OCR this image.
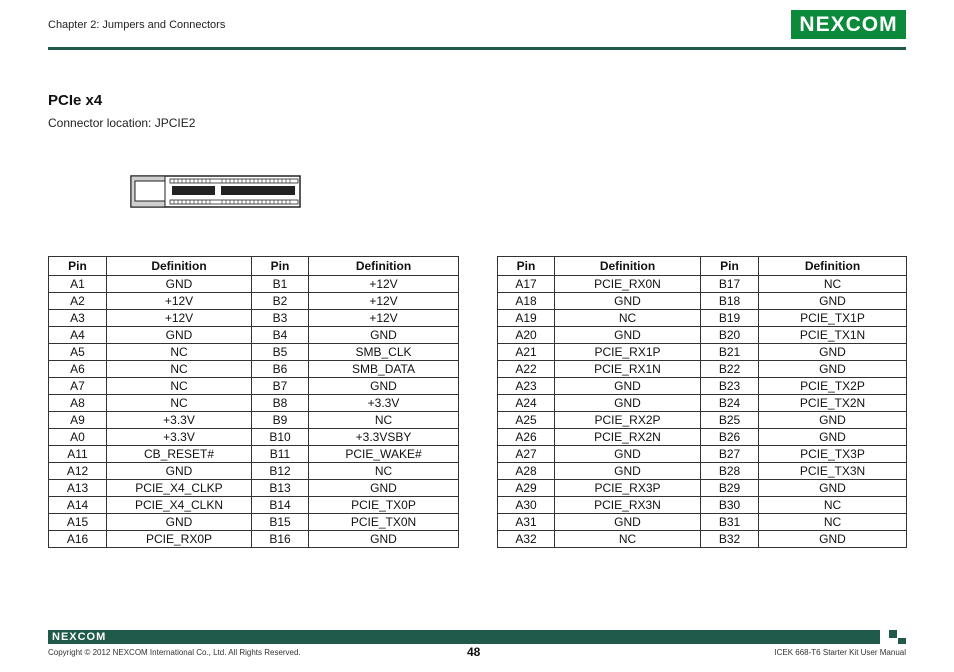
Chapter 2: Jumpers and Connectors	NEXCOM
PCIe x4
Connector location: JPCIE2
Pin	Definition	Pin	Definition
A1	GND	B1	+12V
A2	+12V	B2	+12V
A3	+12V	B3	+12V
A4	GND	B4	GND
A5	NC	B5	SMB_CLK
A6	NC	B6	SMB_DATA
A7	NC	B7	GND
A8	NC	B8	+3.3V
A9	+3.3V	B9	NC
A0	+3.3V	B10	+3.3VSBY
A11	CB_RESET#	B11	PCIE_WAKE#
A12	GND	B12	NC
A13	PCIE_X4_CLKP	B13	GND
A14	PCIE_X4_CLKN	B14	PCIE_TX0P
A15	GND	B15	PCIE_TX0N
A16	PCIE_RX0P	B16	GND
Pin	Definition	Pin	Definition
A17	PCIE_RX0N	B17	NC
A18	GND	B18	GND
A19	NC	B19	PCIE_TX1P
A20	GND	B20	PCIE_TX1N
A21	PCIE_RX1P	B21	GND
A22	PCIE_RX1N	B22	GND
A23	GND	B23	PCIE_TX2P
A24	GND	B24	PCIE_TX2N
A25	PCIE_RX2P	B25	GND
A26	PCIE_RX2N	B26	GND
A27	GND	B27	PCIE_TX3P
A28	GND	B28	PCIE_TX3N
A29	PCIE_RX3P	B29	GND
A30	PCIE_RX3N	B30	NC
A31	GND	B31	NC
A32	NC	B32	GND
NEXCOM
Copyright © 2012 NEXCOM International Co., Ltd. All Rights Reserved.	48	ICEK 668-T6 Starter Kit User Manual
